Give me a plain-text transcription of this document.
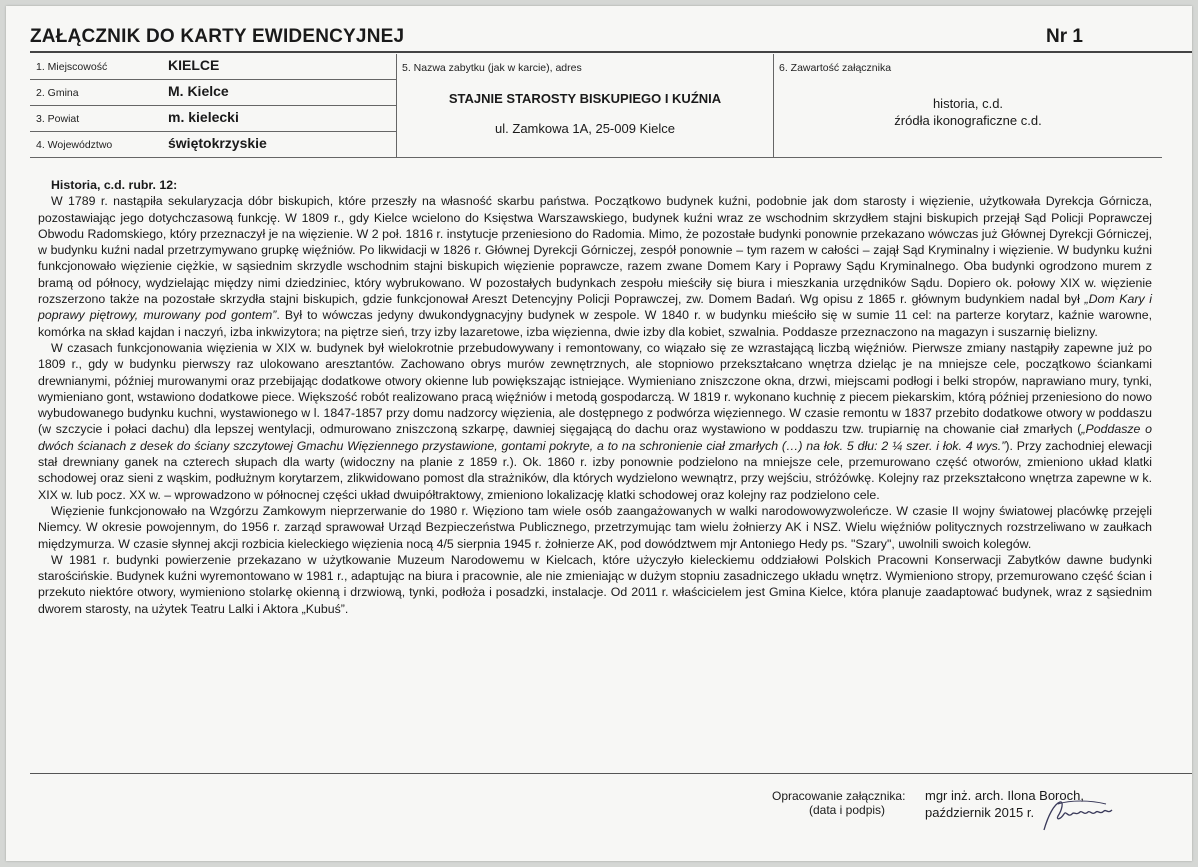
ZAŁĄCZNIK DO KARTY EWIDENCYJNEJ	Nr 1
1. Miejscowość	KIELCE
2. Gmina	M. Kielce
3. Powiat	m. kielecki
4. Województwo	świętokrzyskie
5. Nazwa zabytku (jak w karcie), adres
STAJNIE STAROSTY BISKUPIEGO I KUŹNIA
ul. Zamkowa 1A, 25-009 Kielce
6. Zawartość załącznika
historia, c.d.
źródła ikonograficzne c.d.

Historia, c.d. rubr. 12:

W 1789 r. nastąpiła sekularyzacja dóbr biskupich, które przeszły na własność skarbu państwa. Początkowo budynek kuźni, podobnie jak dom starosty i więzienie, użytkowała Dyrekcja Górnicza, pozostawiając jego dotychczasową funkcję. W 1809 r., gdy Kielce wcielono do Księstwa Warszawskiego, budynek kuźni wraz ze wschodnim skrzydłem stajni biskupich przejął Sąd Policji Poprawczej Obwodu Radomskiego, który przeznaczył je na więzienie. W 2 poł. 1816 r. instytucje przeniesiono do Radomia. Mimo, że pozostałe budynki ponownie przekazano wówczas już Głównej Dyrekcji Górniczej, w budynku kuźni nadal przetrzymywano grupkę więźniów. Po likwidacji w 1826 r. Głównej Dyrekcji Górniczej, zespół ponownie – tym razem w całości – zajął Sąd Kryminalny i więzienie. W budynku kuźni funkcjonowało więzienie ciężkie, w sąsiednim skrzydle wschodnim stajni biskupich więzienie poprawcze, razem zwane Domem Kary i Poprawy Sądu Kryminalnego. Oba budynki ogrodzono murem z bramą od północy, wydzielając między nimi dziedziniec, który wybrukowano. W pozostałych budynkach zespołu mieściły się biura i mieszkania urzędników Sądu. Dopiero ok. połowy XIX w. więzienie rozszerzono także na pozostałe skrzydła stajni biskupich, gdzie funkcjonował Areszt Detencyjny Policji Poprawczej, zw. Domem Badań. Wg opisu z 1865 r. głównym budynkiem nadal był „Dom Kary i poprawy piętrowy, murowany pod gontem”. Był to wówczas jedyny dwukondygnacyjny budynek w zespole. W 1840 r. w budynku mieściło się w sumie 11 cel: na parterze korytarz, kaźnie warowne, komórka na skład kajdan i naczyń, izba inkwizytora; na piętrze sień, trzy izby lazaretowe, izba więzienna, dwie izby dla kobiet, szwalnia. Poddasze przeznaczono na magazyn i suszarnię bielizny.

W czasach funkcjonowania więzienia w XIX w. budynek był wielokrotnie przebudowywany i remontowany, co wiązało się ze wzrastającą liczbą więźniów. Pierwsze zmiany nastąpiły zapewne już po 1809 r., gdy w budynku pierwszy raz ulokowano aresztantów. Zachowano obrys murów zewnętrznych, ale stopniowo przekształcano wnętrza dzieląc je na mniejsze cele, początkowo ściankami drewnianymi, później murowanymi oraz przebijając dodatkowe otwory okienne lub powiększając istniejące. Wymieniano zniszczone okna, drzwi, miejscami podłogi i belki stropów, naprawiano mury, tynki, wymieniano gont, wstawiono dodatkowe piece. Większość robót realizowano pracą więźniów i metodą gospodarczą. W 1819 r. wykonano kuchnię z piecem piekarskim, którą później przeniesiono do nowo wybudowanego budynku kuchni, wystawionego w l. 1847-1857 przy domu nadzorcy więzienia, ale dostępnego z podwórza więziennego. W czasie remontu w 1837 przebito dodatkowe otwory w poddaszu (w szczycie i połaci dachu) dla lepszej wentylacji, odmurowano zniszczoną szkarpę, dawniej sięgającą do dachu oraz wystawiono w poddaszu tzw. trupiarnię na chowanie ciał zmarłych („Poddasze o dwóch ścianach z desek do ściany szczytowej Gmachu Więziennego przystawione, gontami pokryte, a to na schronienie ciał zmarłych (…) na łok. 5 dłu: 2 ¼ szer. i łok. 4 wys.”). Przy zachodniej elewacji stał drewniany ganek na czterech słupach dla warty (widoczny na planie z 1859 r.). Ok. 1860 r. izby ponownie podzielono na mniejsze cele, przemurowano część otworów, zmieniono układ klatki schodowej oraz sieni z wąskim, podłużnym korytarzem, zlikwidowano pomost dla strażników, dla których wydzielono wewnątrz, przy wejściu, stróżówkę. Kolejny raz przekształcono wnętrza zapewne w k. XIX w. lub pocz. XX w. – wprowadzono w północnej części układ dwuipółtraktowy, zmieniono lokalizację klatki schodowej oraz kolejny raz podzielono cele.

Więzienie funkcjonowało na Wzgórzu Zamkowym nieprzerwanie do 1980 r. Więziono tam wiele osób zaangażowanych w walki narodowowyzwoleńcze. W czasie II wojny światowej placówkę przejęli Niemcy. W okresie powojennym, do 1956 r. zarząd sprawował Urząd Bezpieczeństwa Publicznego, przetrzymując tam wielu żołnierzy AK i NSZ. Wielu więźniów politycznych rozstrzeliwano w zaułkach międzymurza. W czasie słynnej akcji rozbicia kieleckiego więzienia nocą 4/5 sierpnia 1945 r. żołnierze AK, pod dowództwem mjr Antoniego Hedy ps. "Szary", uwolnili swoich kolegów.

W 1981 r. budynki powierzenie przekazano w użytkowanie Muzeum Narodowemu w Kielcach, które użyczyło kieleckiemu oddziałowi Polskich Pracowni Konserwacji Zabytków dawne budynki starościńskie. Budynek kuźni wyremontowano w 1981 r., adaptując na biura i pracownie, ale nie zmieniając w dużym stopniu zasadniczego układu wnętrz. Wymieniono stropy, przemurowano część ścian i przekuto niektóre otwory, wymieniono stolarkę okienną i drzwiową, tynki, podłoża i posadzki, instalacje. Od 2011 r. właścicielem jest Gmina Kielce, która planuje zaadaptować budynek, wraz z sąsiednim dworem starosty, na użytek Teatru Lalki i Aktora „Kubuś”.

Opracowanie załącznika:
(data i podpis)
mgr inż. arch. Ilona Boroch,
październik 2015 r.
